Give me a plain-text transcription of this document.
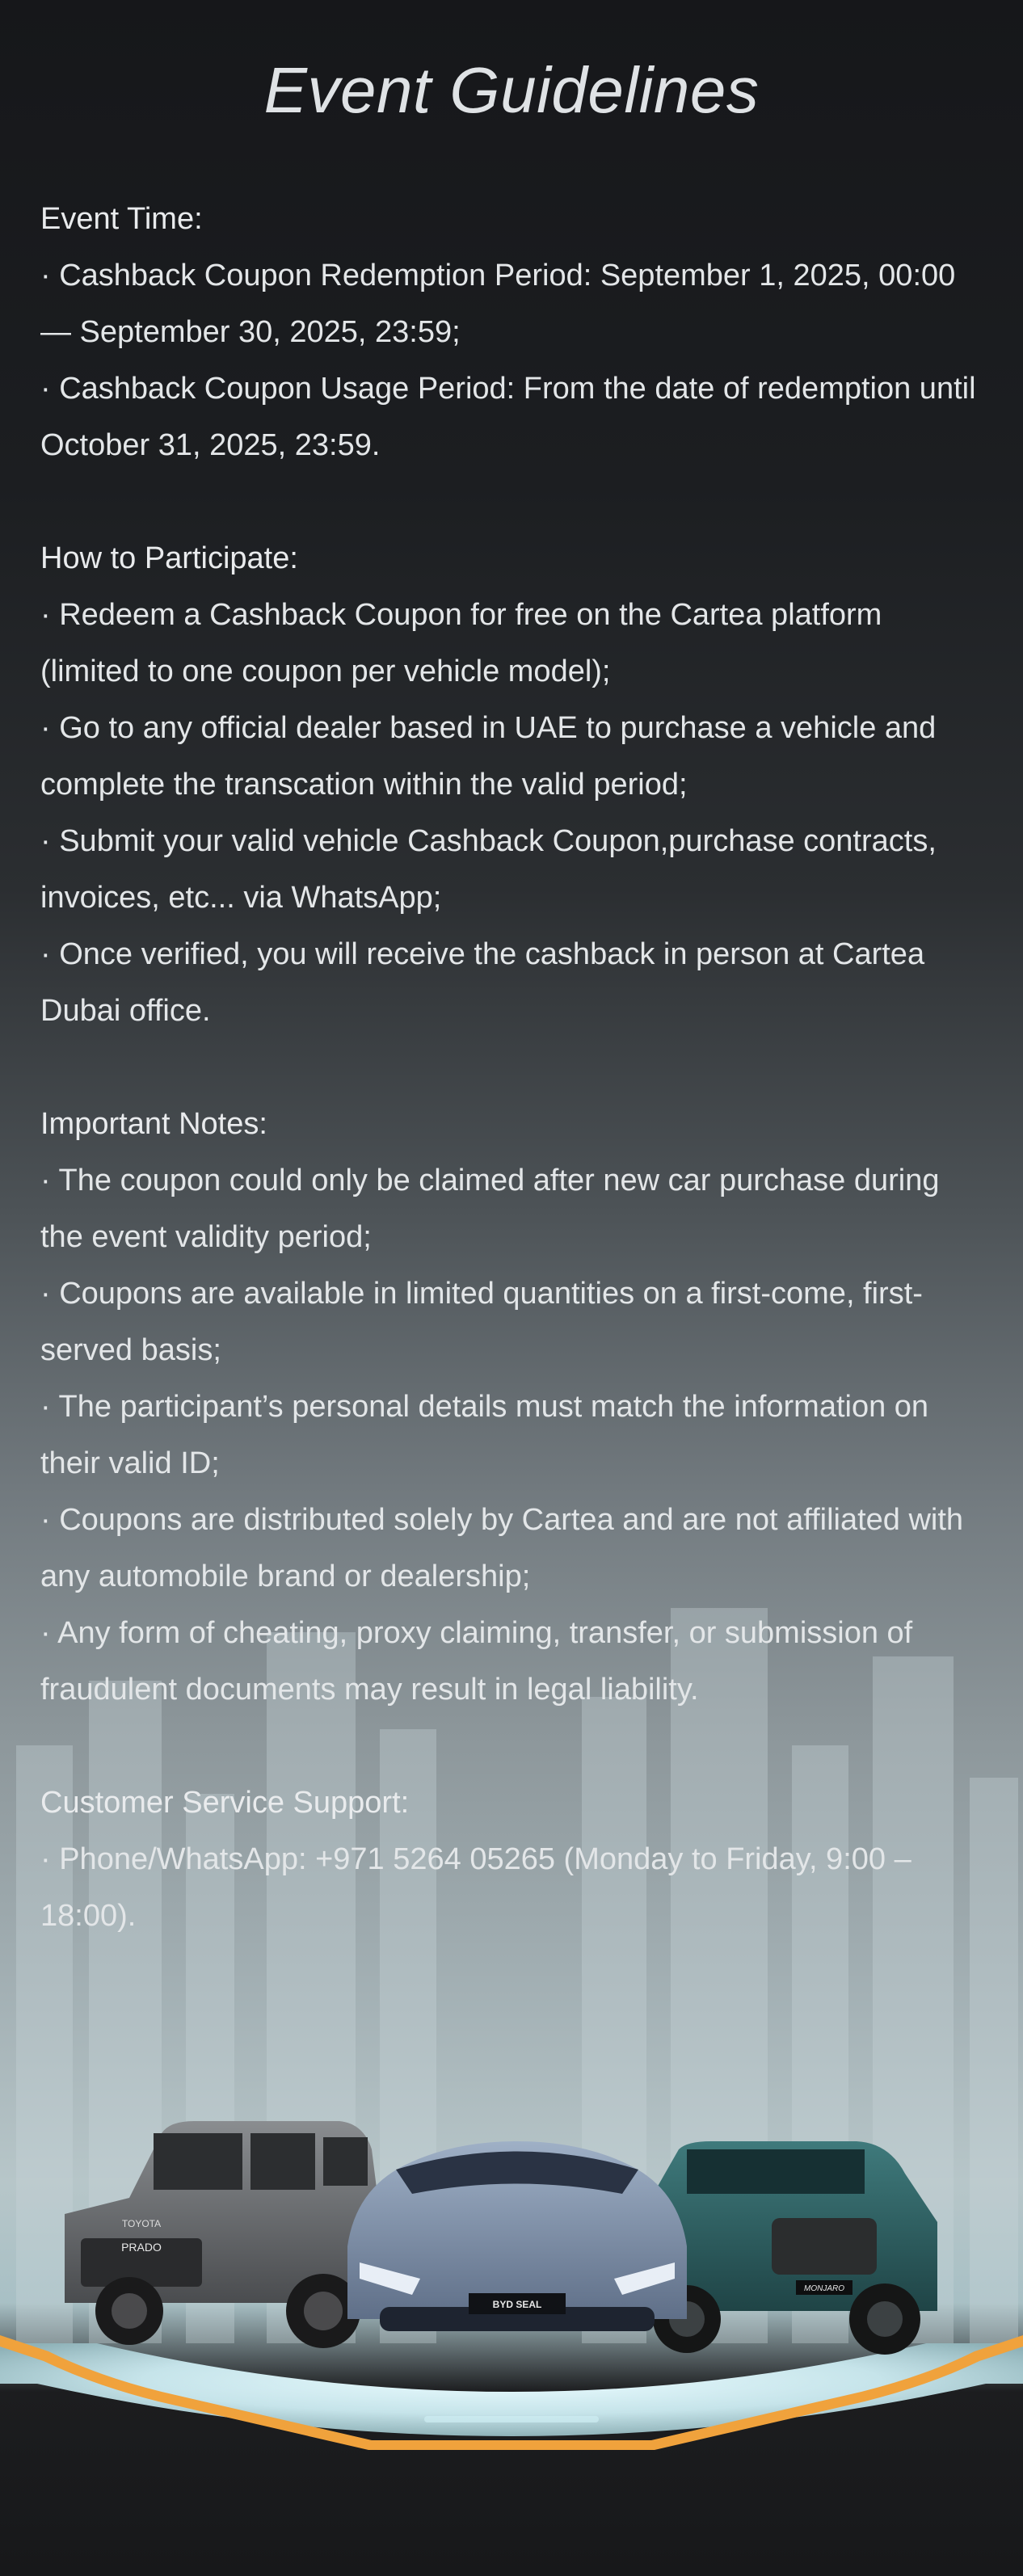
Event Guidelines
Event Time:

· Cashback Coupon Redemption Period: September 1, 2025, 00:00 — September 30, 2025, 23:59;

· Cashback Coupon Usage Period: From the date of redemption until October 31, 2025, 23:59.

How to Participate:

· Redeem a Cashback Coupon for free on the Cartea platform (limited to one coupon per vehicle model);

· Go to any official dealer based in UAE to purchase a vehicle and complete the transcation within the valid period;

· Submit your valid vehicle Cashback Coupon,purchase contracts, invoices, etc... via WhatsApp;

· Once verified, you will receive the cashback in person at Cartea Dubai office.

Important Notes:

· The coupon could only be claimed after new car purchase during the event validity period;

· Coupons are available in limited quantities on a first-come, first-served basis;

· The participant’s personal details must match the information on their valid ID;

· Coupons are distributed solely by Cartea and are not affiliated with any automobile brand or dealership;

· Any form of cheating, proxy claiming, transfer, or submission of fraudulent documents may result in legal liability.

Customer Service Support:

· Phone/WhatsApp: +971 5264 05265 (Monday to Friday, 9:00 – 18:00).

TOYOTA
PRADO
MONJARO
BYD SEAL
